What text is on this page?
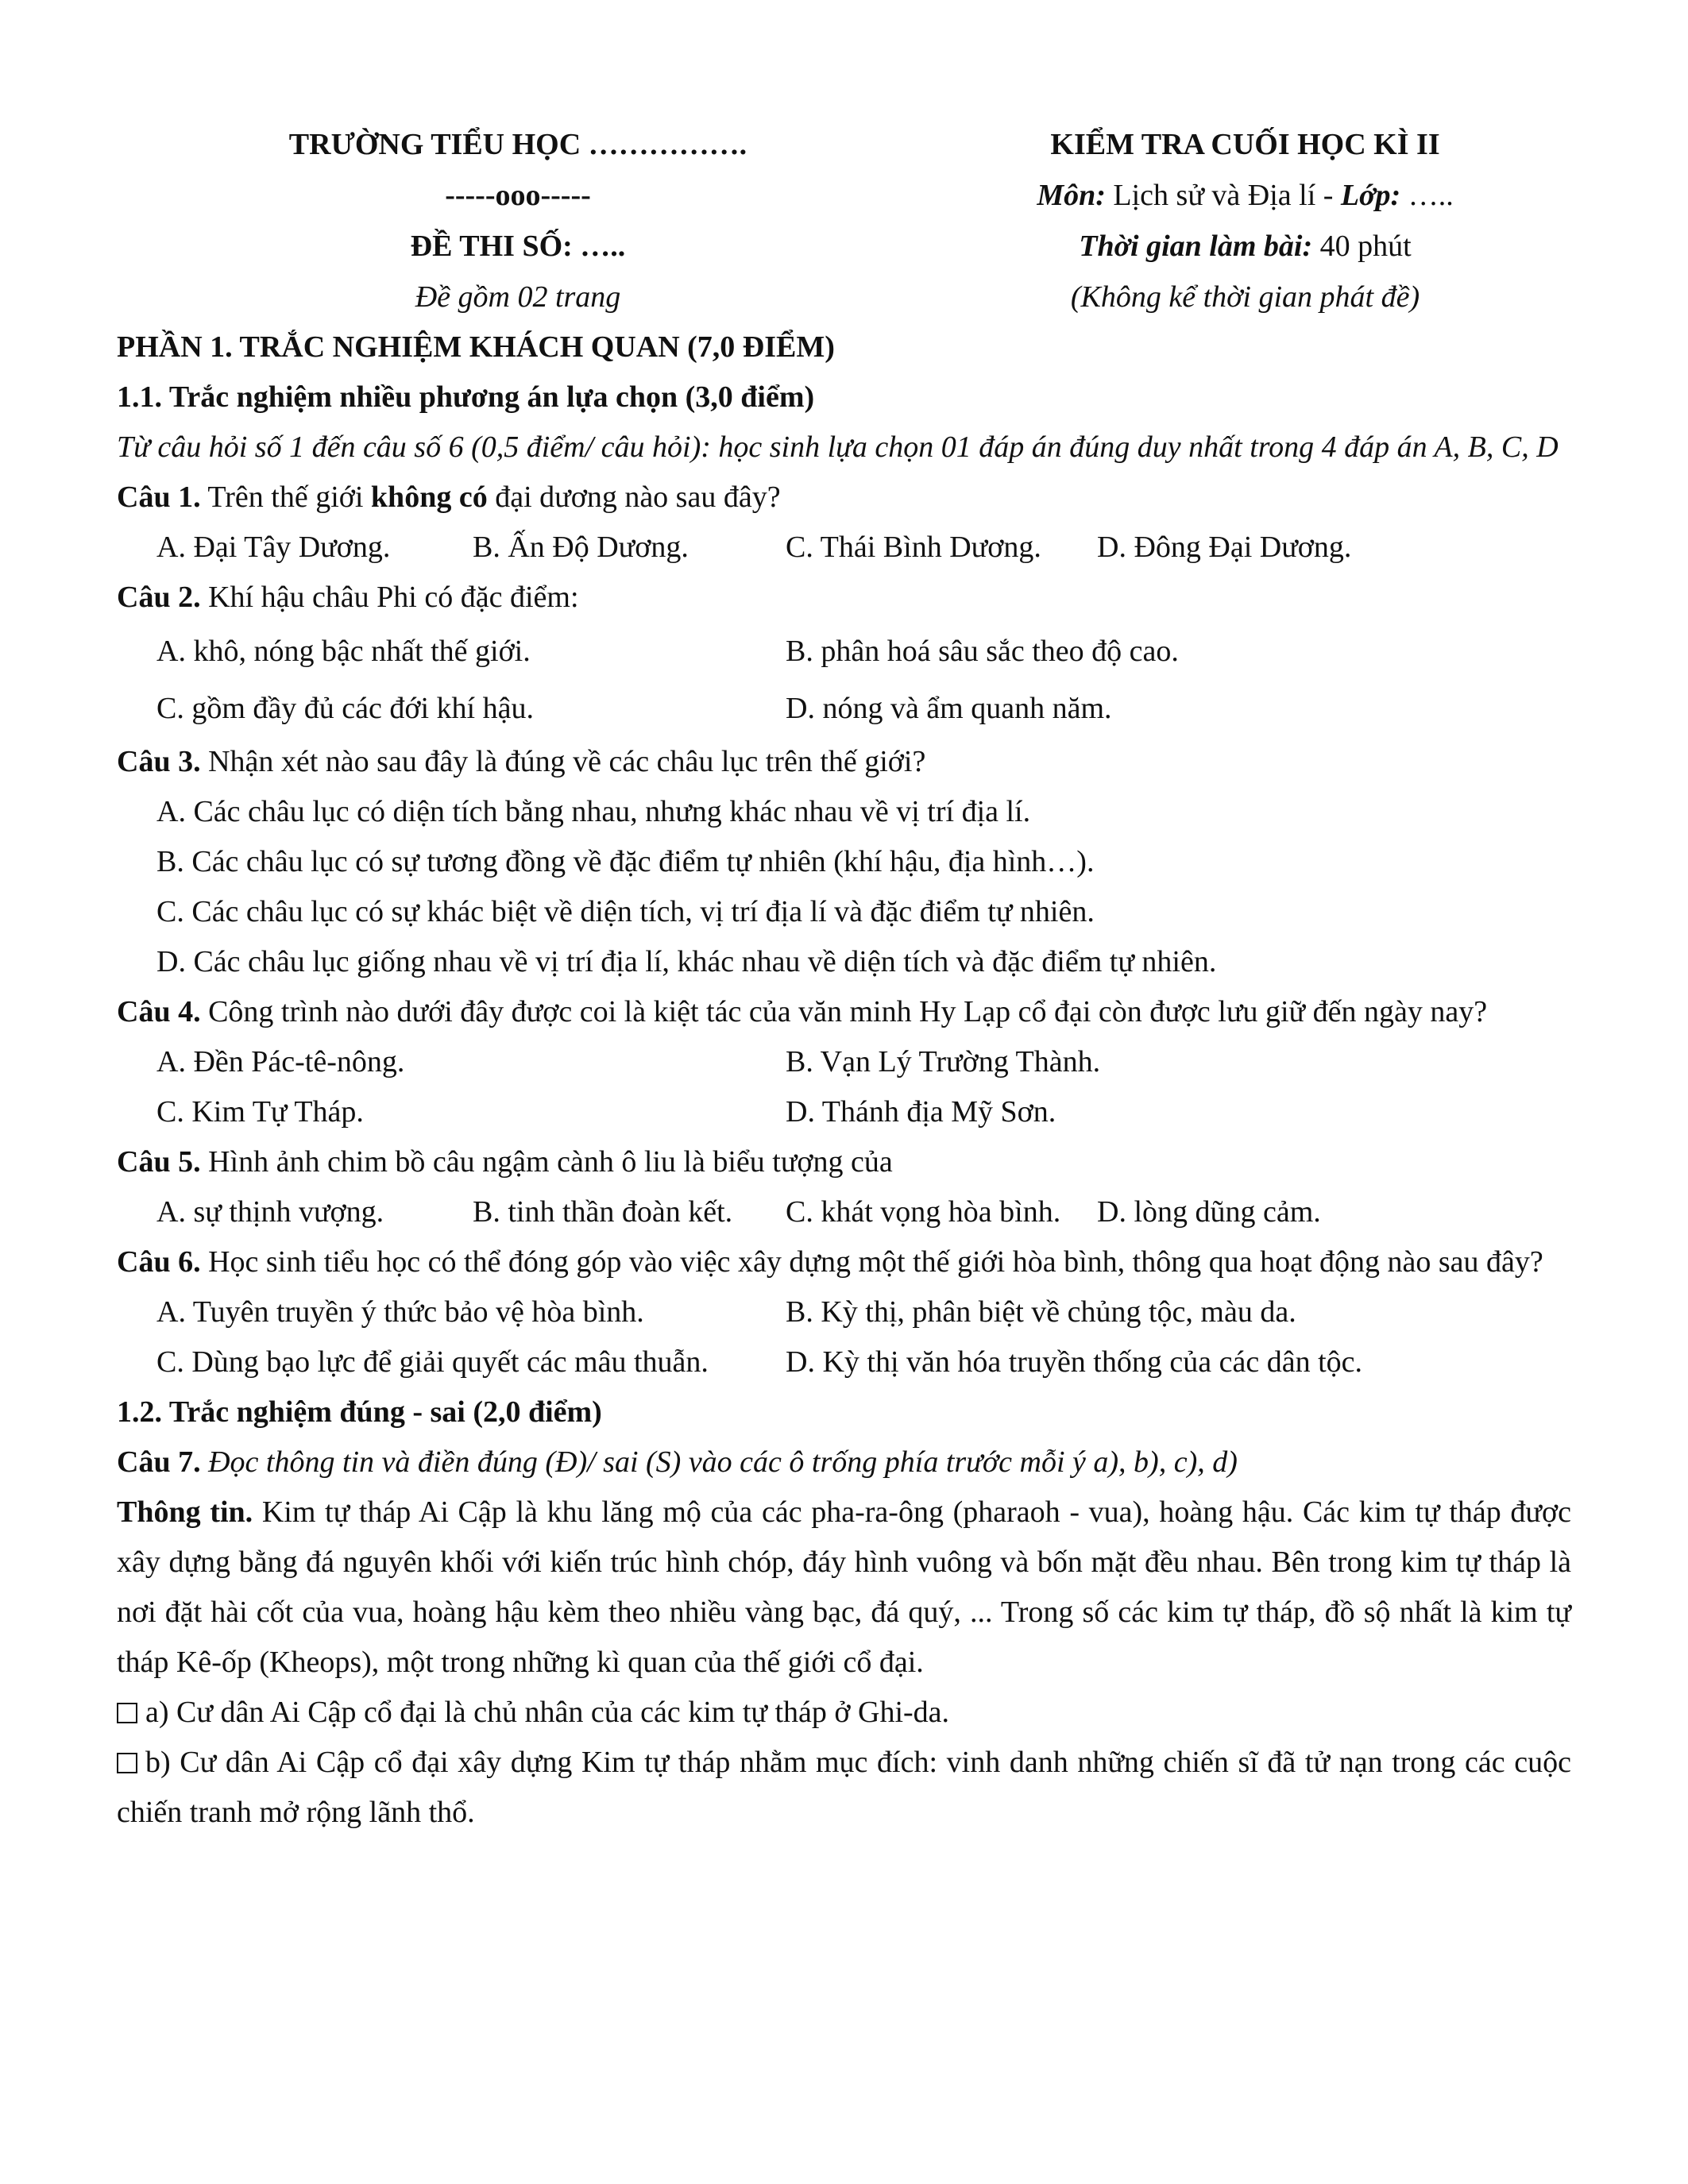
TRƯỜNG TIỂU HỌC …………….
-----ooo-----
ĐỀ THI SỐ: …..
Đề gồm 02 trang
KIỂM TRA CUỐI HỌC KÌ II
Môn: Lịch sử và Địa lí - Lớp: …..
Thời gian làm bài: 40 phút
(Không kể thời gian phát đề)
PHẦN 1. TRẮC NGHIỆM KHÁCH QUAN (7,0 ĐIỂM)
1.1. Trắc nghiệm nhiều phương án lựa chọn (3,0 điểm)
Từ câu hỏi số 1 đến câu số 6 (0,5 điểm/ câu hỏi): học sinh lựa chọn 01 đáp án đúng duy nhất trong 4 đáp án A, B, C, D
Câu 1. Trên thế giới không có đại dương nào sau đây?
A. Đại Tây Dương.	B. Ấn Độ Dương.	C. Thái Bình Dương.	D. Đông Đại Dương.
Câu 2. Khí hậu châu Phi có đặc điểm:
A. khô, nóng bậc nhất thế giới.	B. phân hoá sâu sắc theo độ cao.
C. gồm đầy đủ các đới khí hậu.	D. nóng và ẩm quanh năm.
Câu 3. Nhận xét nào sau đây là đúng về các châu lục trên thế giới?
A. Các châu lục có diện tích bằng nhau, nhưng khác nhau về vị trí địa lí.
B. Các châu lục có sự tương đồng về đặc điểm tự nhiên (khí hậu, địa hình…).
C. Các châu lục có sự khác biệt về diện tích, vị trí địa lí và đặc điểm tự nhiên.
D. Các châu lục giống nhau về vị trí địa lí, khác nhau về diện tích và đặc điểm tự nhiên.
Câu 4. Công trình nào dưới đây được coi là kiệt tác của văn minh Hy Lạp cổ đại còn được lưu giữ đến ngày nay?
A. Đền Pác-tê-nông.	B. Vạn Lý Trường Thành.
C. Kim Tự Tháp.	D. Thánh địa Mỹ Sơn.
Câu 5. Hình ảnh chim bồ câu ngậm cành ô liu là biểu tượng của
A. sự thịnh vượng.	B. tinh thần đoàn kết.	C. khát vọng hòa bình.	D. lòng dũng cảm.
Câu 6. Học sinh tiểu học có thể đóng góp vào việc xây dựng một thế giới hòa bình, thông qua hoạt động nào sau đây?
A. Tuyên truyền ý thức bảo vệ hòa bình.	B. Kỳ thị, phân biệt về chủng tộc, màu da.
C. Dùng bạo lực để giải quyết các mâu thuẫn.	D. Kỳ thị văn hóa truyền thống của các dân tộc.
1.2. Trắc nghiệm đúng - sai (2,0 điểm)
Câu 7. Đọc thông tin và điền đúng (Đ)/ sai (S) vào các ô trống phía trước mỗi ý a), b), c), d)
Thông tin. Kim tự tháp Ai Cập là khu lăng mộ của các pha-ra-ông (pharaoh - vua), hoàng hậu. Các kim tự tháp được xây dựng bằng đá nguyên khối với kiến trúc hình chóp, đáy hình vuông và bốn mặt đều nhau. Bên trong kim tự tháp là nơi đặt hài cốt của vua, hoàng hậu kèm theo nhiều vàng bạc, đá quý, ... Trong số các kim tự tháp, đồ sộ nhất là kim tự tháp Kê-ốp (Kheops), một trong những kì quan của thế giới cổ đại.
a) Cư dân Ai Cập cổ đại là chủ nhân của các kim tự tháp ở Ghi-da.
b) Cư dân Ai Cập cổ đại xây dựng Kim tự tháp nhằm mục đích: vinh danh những chiến sĩ đã tử nạn trong các cuộc chiến tranh mở rộng lãnh thổ.
